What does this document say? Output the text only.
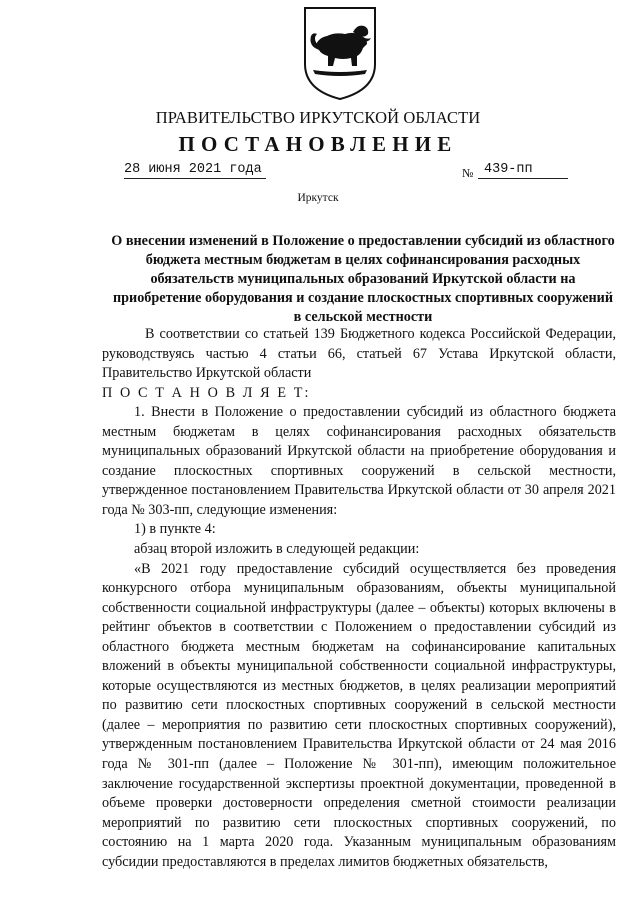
ПРАВИТЕЛЬСТВО ИРКУТСКОЙ ОБЛАСТИ
ПОСТАНОВЛЕНИЕ
28 июня 2021 года	№ 439-пп
Иркутск
О внесении изменений в Положение о предоставлении субсидий из областного бюджета местным бюджетам в целях софинансирования расходных обязательств муниципальных образований Иркутской области на приобретение оборудования и создание плоскостных спортивных сооружений в сельской местности

В соответствии со статьей 139 Бюджетного кодекса Российской Федерации, руководствуясь частью 4 статьи 66, статьей 67 Устава Иркутской области, Правительство Иркутской области

П О С Т А Н О В Л Я Е Т:

1. Внести в Положение о предоставлении субсидий из областного бюджета местным бюджетам в целях софинансирования расходных обязательств муниципальных образований Иркутской области на приобретение оборудования и создание плоскостных спортивных сооружений в сельской местности, утвержденное постановлением Правительства Иркутской области от 30 апреля 2021 года № 303-пп, следующие изменения:

1) в пункте 4:

абзац второй изложить в следующей редакции:

«В 2021 году предоставление субсидий осуществляется без проведения конкурсного отбора муниципальным образованиям, объекты муниципальной собственности социальной инфраструктуры (далее – объекты) которых включены в рейтинг объектов в соответствии с Положением о предоставлении субсидий из областного бюджета местным бюджетам на софинансирование капитальных вложений в объекты муниципальной собственности социальной инфраструктуры, которые осуществляются из местных бюджетов, в целях реализации мероприятий по развитию сети плоскостных спортивных сооружений в сельской местности (далее – мероприятия по развитию сети плоскостных спортивных сооружений), утвержденным постановлением Правительства Иркутской области от 24 мая 2016 года № 301-пп (далее – Положение № 301-пп), имеющим положительное заключение государственной экспертизы проектной документации, проведенной в объеме проверки достоверности определения сметной стоимости реализации мероприятий по развитию сети плоскостных спортивных сооружений, по состоянию на 1 марта 2020 года. Указанным муниципальным образованиям субсидии предоставляются в пределах лимитов бюджетных обязательств,
